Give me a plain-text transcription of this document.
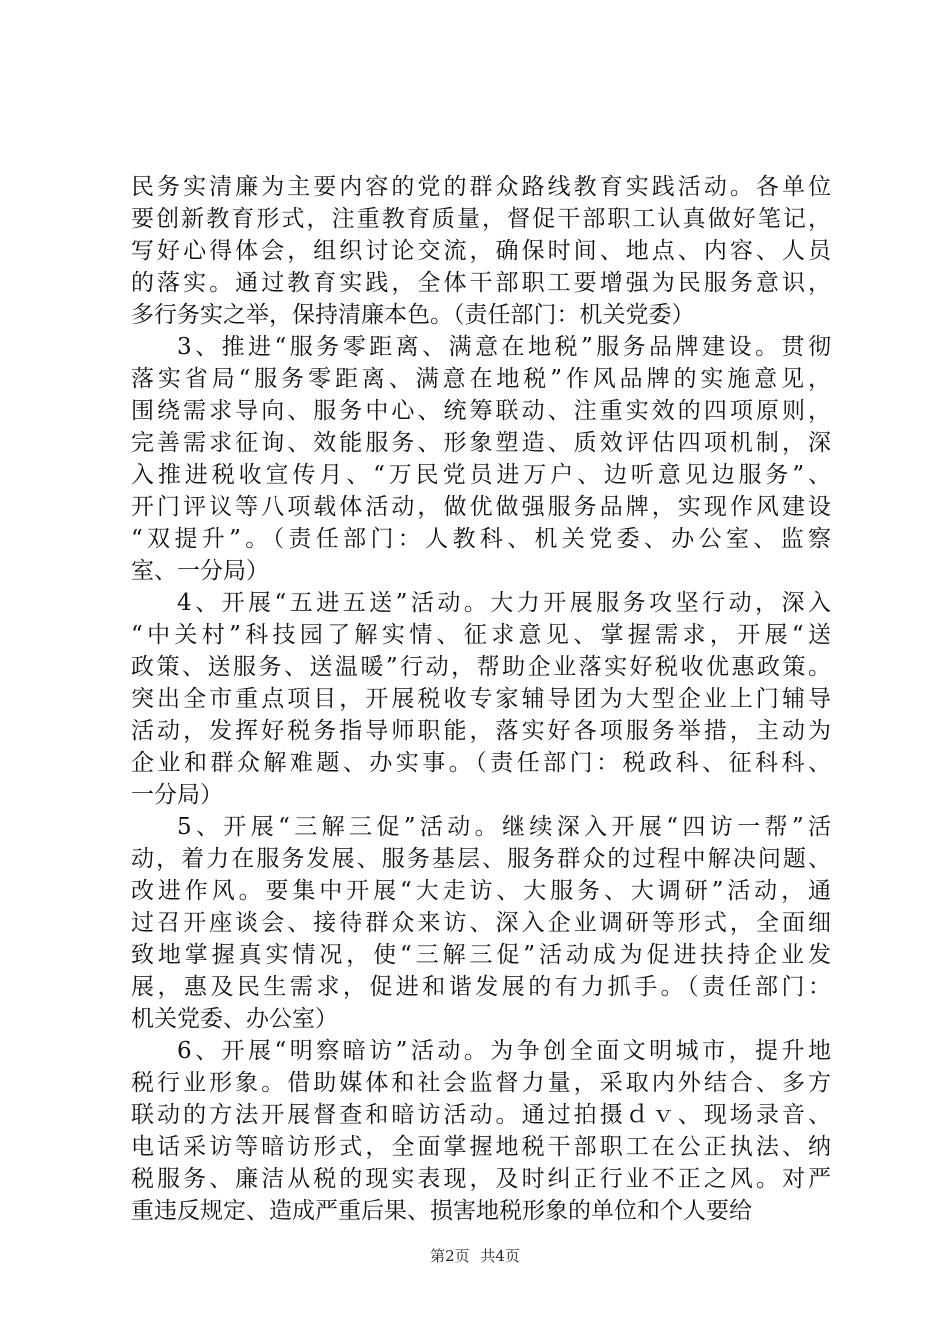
民务实清廉为主要内容的党的群众路线教育实践活动。各单位
要创新教育形式，注重教育质量，督促干部职工认真做好笔记，
写好心得体会，组织讨论交流，确保时间、地点、内容、人员
的落实。通过教育实践，全体干部职工要增强为民服务意识，
多行务实之举，保持清廉本色。（责任部门：机关党委）
3、推进“服务零距离、满意在地税”服务品牌建设。贯彻
落实省局“服务零距离、满意在地税”作风品牌的实施意见，
围绕需求导向、服务中心、统筹联动、注重实效的四项原则，
完善需求征询、效能服务、形象塑造、质效评估四项机制，深
入推进税收宣传月、“万民党员进万户、边听意见边服务”、
开门评议等八项载体活动，做优做强服务品牌，实现作风建设
“双提升”。（责任部门：人教科、机关党委、办公室、监察
室、一分局）
4、开展“五进五送”活动。大力开展服务攻坚行动，深入
“中关村”科技园了解实情、征求意见、掌握需求，开展“送
政策、送服务、送温暖”行动，帮助企业落实好税收优惠政策。
突出全市重点项目，开展税收专家辅导团为大型企业上门辅导
活动，发挥好税务指导师职能，落实好各项服务举措，主动为
企业和群众解难题、办实事。（责任部门：税政科、征科科、
一分局）
5、开展“三解三促”活动。继续深入开展“四访一帮”活
动，着力在服务发展、服务基层、服务群众的过程中解决问题、
改进作风。要集中开展“大走访、大服务、大调研”活动，通
过召开座谈会、接待群众来访、深入企业调研等形式，全面细
致地掌握真实情况，使“三解三促”活动成为促进扶持企业发
展，惠及民生需求，促进和谐发展的有力抓手。（责任部门：
机关党委、办公室）
6、开展“明察暗访”活动。为争创全面文明城市，提升地
税行业形象。借助媒体和社会监督力量，采取内外结合、多方
联动的方法开展督查和暗访活动。通过拍摄ｄｖ、现场录音、
电话采访等暗访形式，全面掌握地税干部职工在公正执法、纳
税服务、廉洁从税的现实表现，及时纠正行业不正之风。对严
重违反规定、造成严重后果、损害地税形象的单位和个人要给
第2页 共4页
